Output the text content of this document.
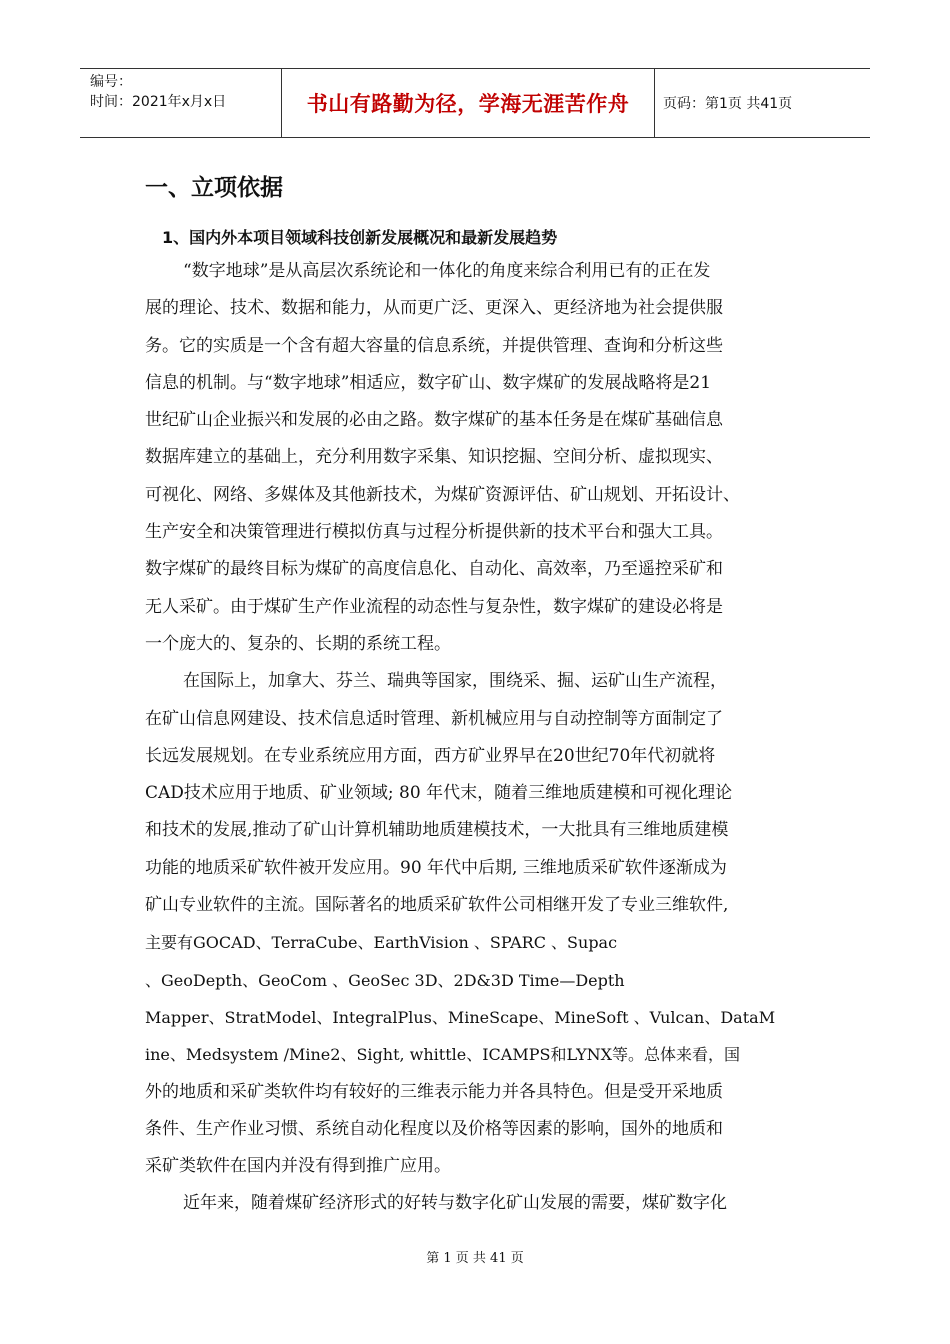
编号：
时间：2021年x月x日	书山有路勤为径，学海无涯苦作舟	页码：第1页 共41页
一、立项依据
1、国内外本项目领域科技创新发展概况和最新发展趋势
“数字地球”是从高层次系统论和一体化的角度来综合利用已有的正在发
展的理论、技术、数据和能力，从而更广泛、更深入、更经济地为社会提供服
务。它的实质是一个含有超大容量的信息系统，并提供管理、查询和分析这些
信息的机制。与“数字地球”相适应，数字矿山、数字煤矿的发展战略将是21
世纪矿山企业振兴和发展的必由之路。数字煤矿的基本任务是在煤矿基础信息
数据库建立的基础上，充分利用数字采集、知识挖掘、空间分析、虚拟现实、
可视化、网络、多媒体及其他新技术，为煤矿资源评估、矿山规划、开拓设计、
生产安全和决策管理进行模拟仿真与过程分析提供新的技术平台和强大工具。
数字煤矿的最终目标为煤矿的高度信息化、自动化、高效率，乃至遥控采矿和
无人采矿。由于煤矿生产作业流程的动态性与复杂性，数字煤矿的建设必将是
一个庞大的、复杂的、长期的系统工程。
在国际上，加拿大、芬兰、瑞典等国家，围绕采、掘、运矿山生产流程，
在矿山信息网建设、技术信息适时管理、新机械应用与自动控制等方面制定了
长远发展规划。在专业系统应用方面，西方矿业界早在20世纪70年代初就将
CAD技术应用于地质、矿业领域; 80 年代末，随着三维地质建模和可视化理论
和技术的发展,推动了矿山计算机辅助地质建模技术，一大批具有三维地质建模
功能的地质采矿软件被开发应用。90 年代中后期, 三维地质采矿软件逐渐成为
矿山专业软件的主流。国际著名的地质采矿软件公司相继开发了专业三维软件,
主要有GOCAD、TerraCube、EarthVision 、SPARC 、Supac
、GeoDepth、GeoCom 、GeoSec 3D、2D&3D Time—Depth
Mapper、StratModel、IntegralPlus、MineScape、MineSoft 、Vulcan、DataM
ine、Medsystem /Mine2、Sight, whittle、ICAMPS和LYNX等。总体来看，国
外的地质和采矿类软件均有较好的三维表示能力并各具特色。但是受开采地质
条件、生产作业习惯、系统自动化程度以及价格等因素的影响，国外的地质和
采矿类软件在国内并没有得到推广应用。
近年来，随着煤矿经济形式的好转与数字化矿山发展的需要，煤矿数字化
第 1 页 共 41 页
